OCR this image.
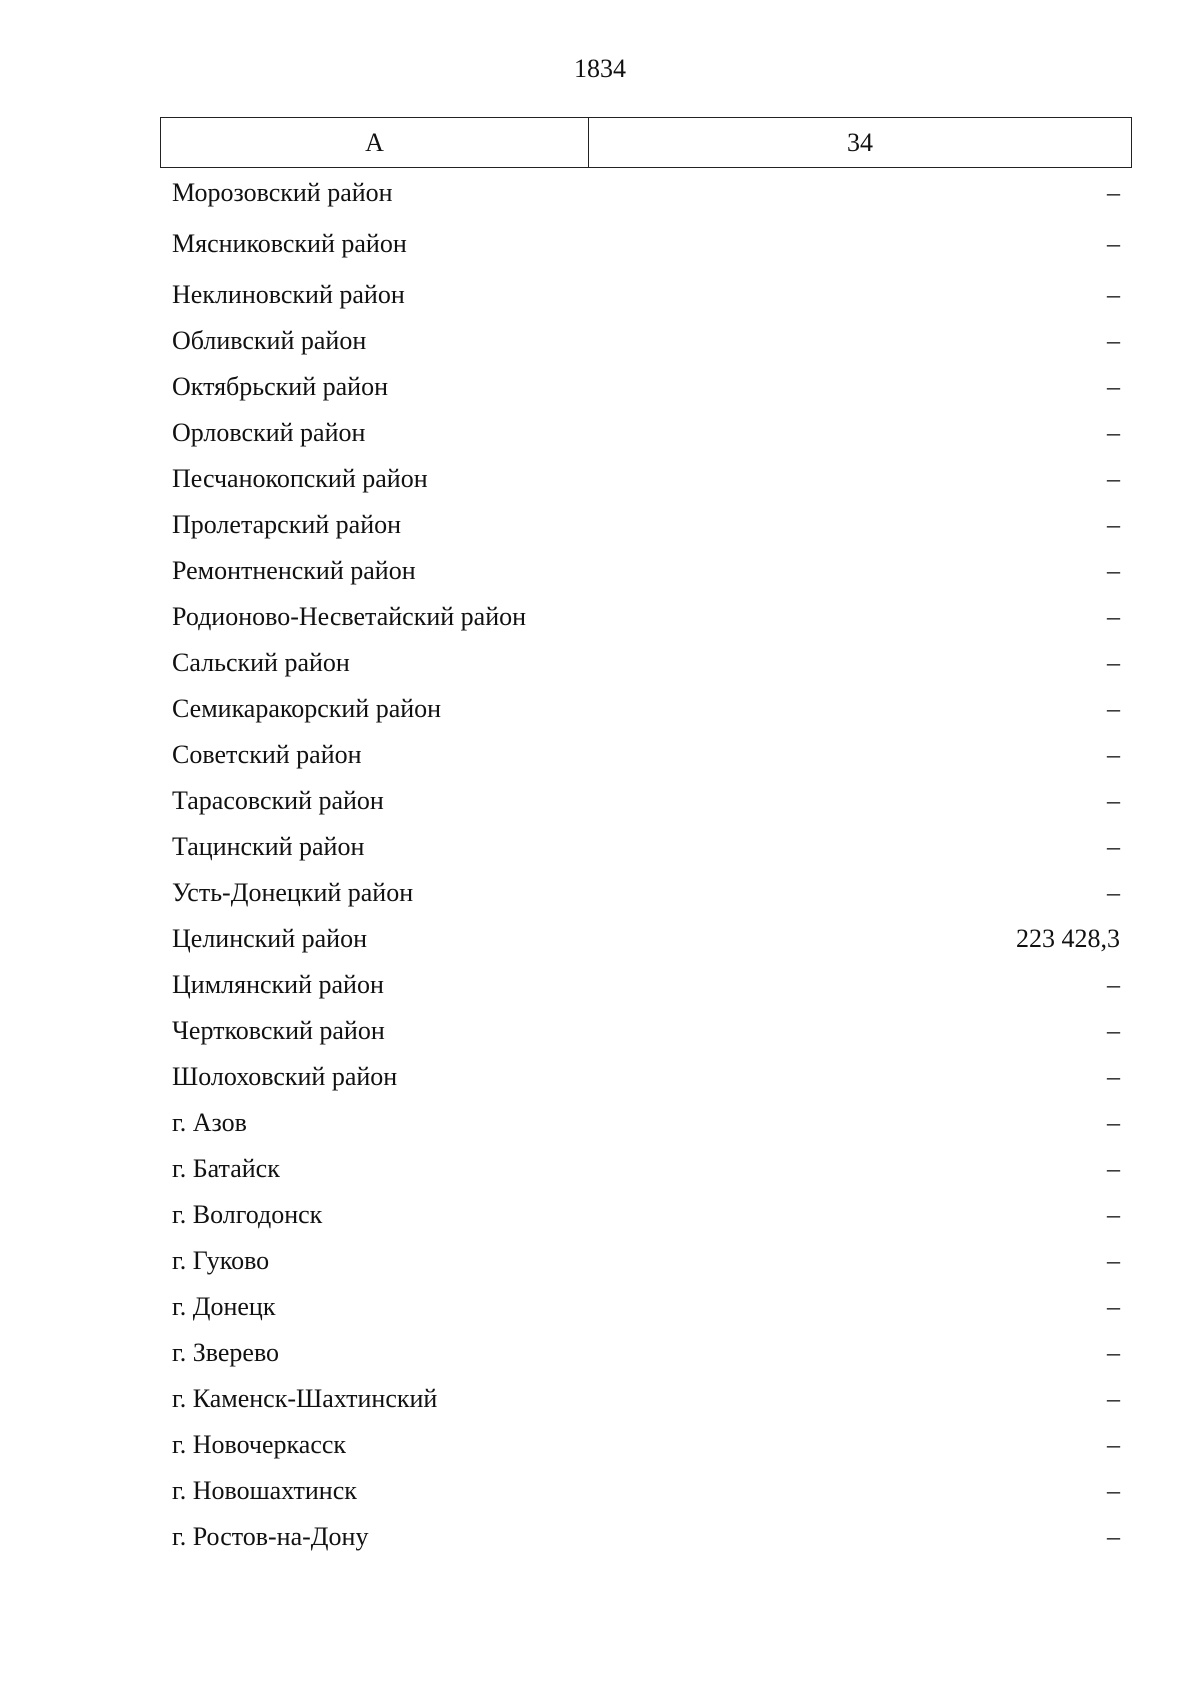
1834
А	34
Морозовский район	–
Мясниковский район	–
Неклиновский район	–
Обливский район	–
Октябрьский район	–
Орловский район	–
Песчанокопский район	–
Пролетарский район	–
Ремонтненский район	–
Родионово-Несветайский район	–
Сальский район	–
Семикаракорский район	–
Советский район	–
Тарасовский район	–
Тацинский район	–
Усть-Донецкий район	–
Целинский район	223 428,3
Цимлянский район	–
Чертковский район	–
Шолоховский район	–
г. Азов	–
г. Батайск	–
г. Волгодонск	–
г. Гуково	–
г. Донецк	–
г. Зверево	–
г. Каменск-Шахтинский	–
г. Новочеркасск	–
г. Новошахтинск	–
г. Ростов-на-Дону	–
